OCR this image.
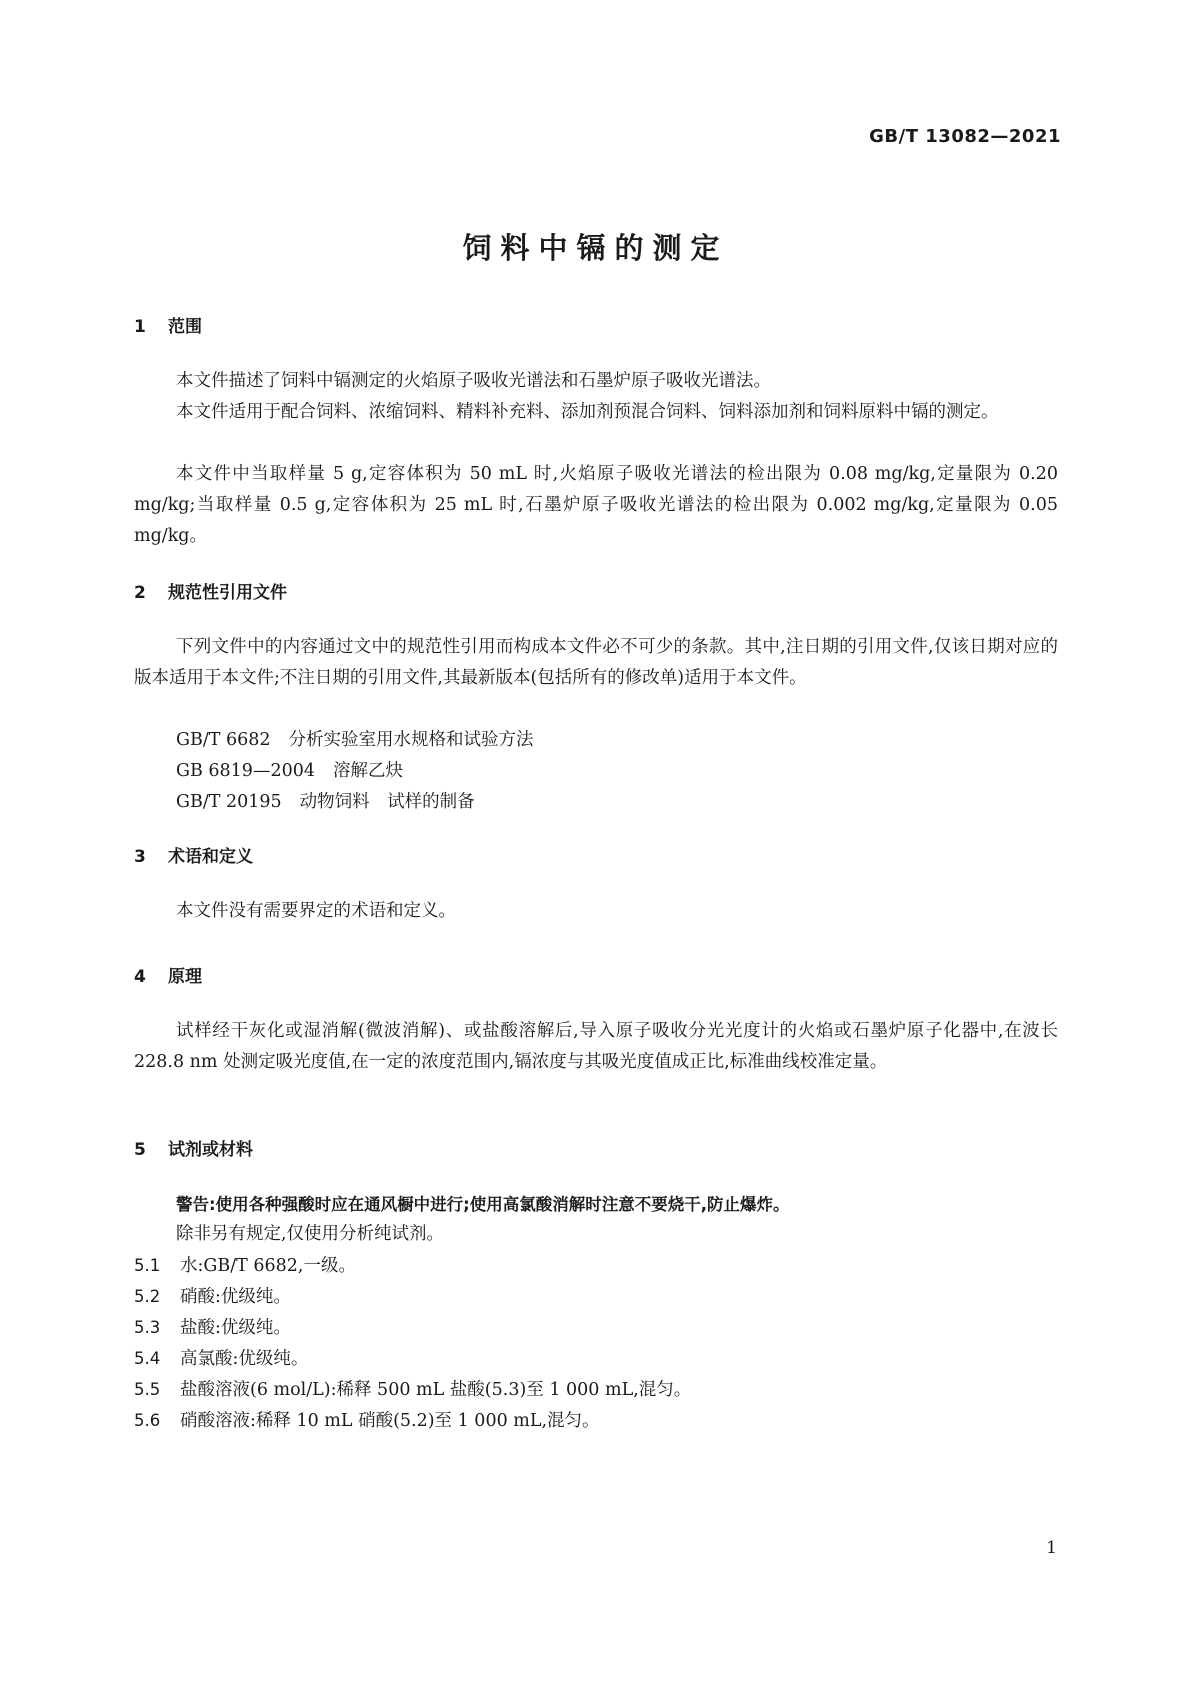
GB/T 13082—2021
饲料中镉的测定
1 范围
本文件描述了饲料中镉测定的火焰原子吸收光谱法和石墨炉原子吸收光谱法。
本文件适用于配合饲料、浓缩饲料、精料补充料、添加剂预混合饲料、饲料添加剂和饲料原料中镉的测定。
本文件中当取样量 5 g,定容体积为 50 mL 时,火焰原子吸收光谱法的检出限为 0.08 mg/kg,定量限为 0.20 mg/kg;当取样量 0.5 g,定容体积为 25 mL 时,石墨炉原子吸收光谱法的检出限为 0.002 mg/kg,定量限为 0.05 mg/kg。
2 规范性引用文件
下列文件中的内容通过文中的规范性引用而构成本文件必不可少的条款。其中,注日期的引用文件,仅该日期对应的版本适用于本文件;不注日期的引用文件,其最新版本(包括所有的修改单)适用于本文件。
GB/T 6682 分析实验室用水规格和试验方法
GB 6819—2004 溶解乙炔
GB/T 20195 动物饲料　试样的制备
3 术语和定义
本文件没有需要界定的术语和定义。
4 原理
试样经干灰化或湿消解(微波消解)、或盐酸溶解后,导入原子吸收分光光度计的火焰或石墨炉原子化器中,在波长 228.8 nm 处测定吸光度值,在一定的浓度范围内,镉浓度与其吸光度值成正比,标准曲线校准定量。
5 试剂或材料
警告:使用各种强酸时应在通风橱中进行;使用高氯酸消解时注意不要烧干,防止爆炸。
除非另有规定,仅使用分析纯试剂。
5.1 水:GB/T 6682,一级。
5.2 硝酸:优级纯。
5.3 盐酸:优级纯。
5.4 高氯酸:优级纯。
5.5 盐酸溶液(6 mol/L):稀释 500 mL 盐酸(5.3)至 1 000 mL,混匀。
5.6 硝酸溶液:稀释 10 mL 硝酸(5.2)至 1 000 mL,混匀。
1
